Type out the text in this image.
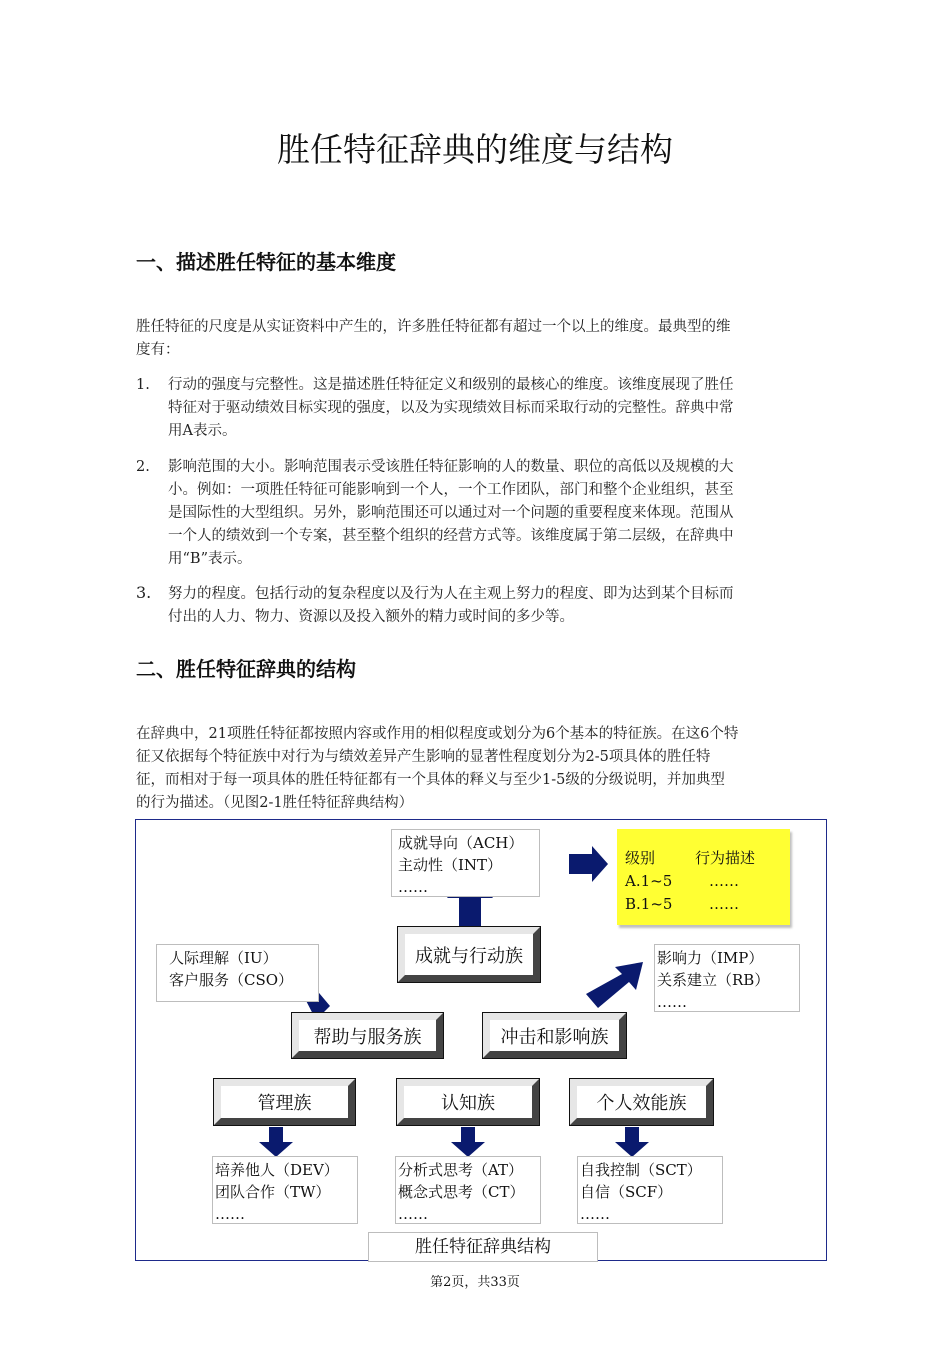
胜任特征辞典的维度与结构
一、描述胜任特征的基本维度
胜任特征的尺度是从实证资料中产生的，许多胜任特征都有超过一个以上的维度。最典型的维
度有：
1. 行动的强度与完整性。这是描述胜任特征定义和级别的最核心的维度。该维度展现了胜任
特征对于驱动绩效目标实现的强度，以及为实现绩效目标而采取行动的完整性。辞典中常
用A表示。
2. 影响范围的大小。影响范围表示受该胜任特征影响的人的数量、职位的高低以及规模的大
小。例如：一项胜任特征可能影响到一个人，一个工作团队，部门和整个企业组织，甚至
是国际性的大型组织。另外，影响范围还可以通过对一个问题的重要程度来体现。范围从
一个人的绩效到一个专案，甚至整个组织的经营方式等。该维度属于第二层级，在辞典中
用“B”表示。
3. 努力的程度。包括行动的复杂程度以及行为人在主观上努力的程度、即为达到某个目标而
付出的人力、物力、资源以及投入额外的精力或时间的多少等。
二、胜任特征辞典的结构
在辞典中，21项胜任特征都按照内容或作用的相似程度或划分为6个基本的特征族。在这6个特
征又依据每个特征族中对行为与绩效差异产生影响的显著性程度划分为2-5项具体的胜任特
征，而相对于每一项具体的胜任特征都有一个具体的释义与至少1-5级的分级说明，并加典型
的行为描述。（见图2-1胜任特征辞典结构）
成就导向（ACH）
主动性（INT）
……
级别	行为描述
A.1~5	……
B.1~5	……
成就与行动族
人际理解（IU）
客户服务（CSO）
影响力（IMP）
关系建立（RB）
……
帮助与服务族	冲击和影响族
管理族	认知族	个人效能族
培养他人（DEV）
团队合作（TW）
……
分析式思考（AT）
概念式思考（CT）
……
自我控制（SCT）
自信（SCF）
……
胜任特征辞典结构
第2页，共33页
